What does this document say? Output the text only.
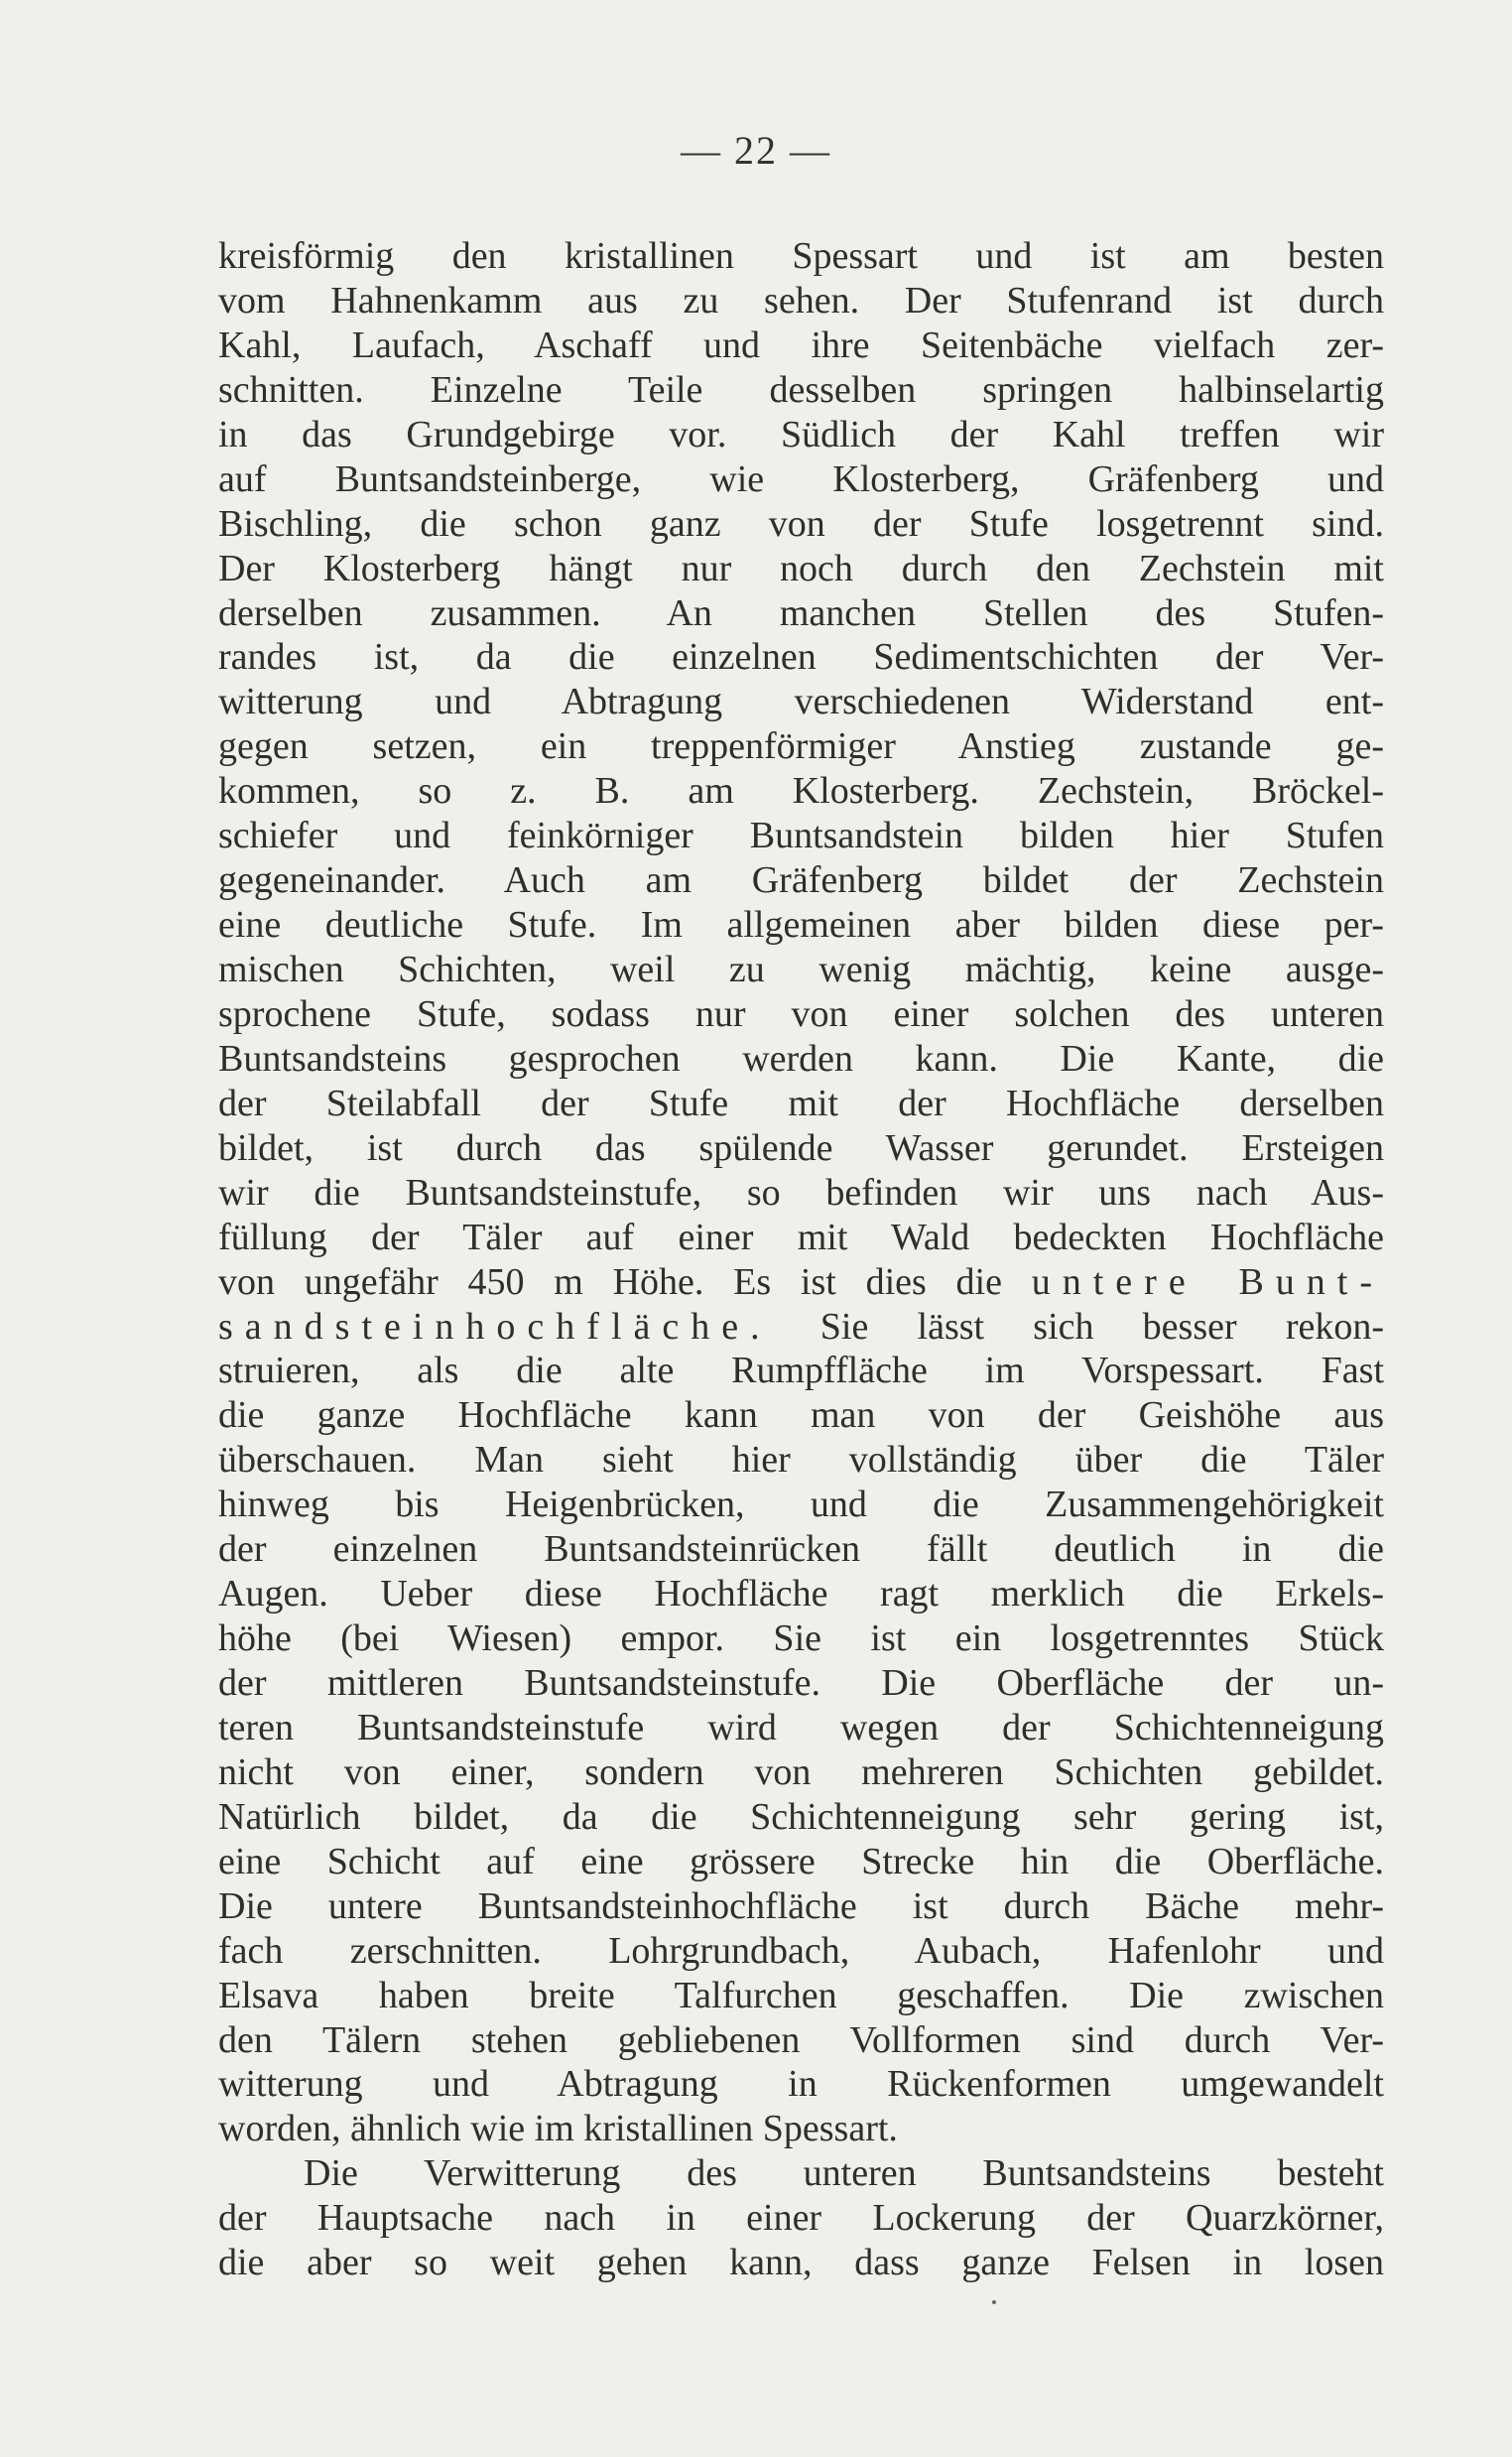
— 22 —
kreisförmig den kristallinen Spessart und ist am besten
vom Hahnenkamm aus zu sehen. Der Stufenrand ist durch
Kahl, Laufach, Aschaff und ihre Seitenbäche vielfach zer-
schnitten. Einzelne Teile desselben springen halbinselartig
in das Grundgebirge vor. Südlich der Kahl treffen wir
auf Buntsandsteinberge, wie Klosterberg, Gräfenberg und
Bischling, die schon ganz von der Stufe losgetrennt sind.
Der Klosterberg hängt nur noch durch den Zechstein mit
derselben zusammen. An manchen Stellen des Stufen-
randes ist, da die einzelnen Sedimentschichten der Ver-
witterung und Abtragung verschiedenen Widerstand ent-
gegen setzen, ein treppenförmiger Anstieg zustande ge-
kommen, so z. B. am Klosterberg. Zechstein, Bröckel-
schiefer und feinkörniger Buntsandstein bilden hier Stufen
gegeneinander. Auch am Gräfenberg bildet der Zechstein
eine deutliche Stufe. Im allgemeinen aber bilden diese per-
mischen Schichten, weil zu wenig mächtig, keine ausge-
sprochene Stufe, sodass nur von einer solchen des unteren
Buntsandsteins gesprochen werden kann. Die Kante, die
der Steilabfall der Stufe mit der Hochfläche derselben
bildet, ist durch das spülende Wasser gerundet. Ersteigen
wir die Buntsandsteinstufe, so befinden wir uns nach Aus-
füllung der Täler auf einer mit Wald bedeckten Hochfläche
von ungefähr 450 m Höhe. Es ist dies die untere Bunt-
sandsteinhochfläche. Sie lässt sich besser rekon-
struieren, als die alte Rumpffläche im Vorspessart. Fast
die ganze Hochfläche kann man von der Geishöhe aus
überschauen. Man sieht hier vollständig über die Täler
hinweg bis Heigenbrücken, und die Zusammengehörigkeit
der einzelnen Buntsandsteinrücken fällt deutlich in die
Augen. Ueber diese Hochfläche ragt merklich die Erkels-
höhe (bei Wiesen) empor. Sie ist ein losgetrenntes Stück
der mittleren Buntsandsteinstufe. Die Oberfläche der un-
teren Buntsandsteinstufe wird wegen der Schichtenneigung
nicht von einer, sondern von mehreren Schichten gebildet.
Natürlich bildet, da die Schichtenneigung sehr gering ist,
eine Schicht auf eine grössere Strecke hin die Oberfläche.
Die untere Buntsandsteinhochfläche ist durch Bäche mehr-
fach zerschnitten. Lohrgrundbach, Aubach, Hafenlohr und
Elsava haben breite Talfurchen geschaffen. Die zwischen
den Tälern stehen gebliebenen Vollformen sind durch Ver-
witterung und Abtragung in Rückenformen umgewandelt
worden, ähnlich wie im kristallinen Spessart.
Die Verwitterung des unteren Buntsandsteins besteht
der Hauptsache nach in einer Lockerung der Quarzkörner,
die aber so weit gehen kann, dass ganze Felsen in losen
